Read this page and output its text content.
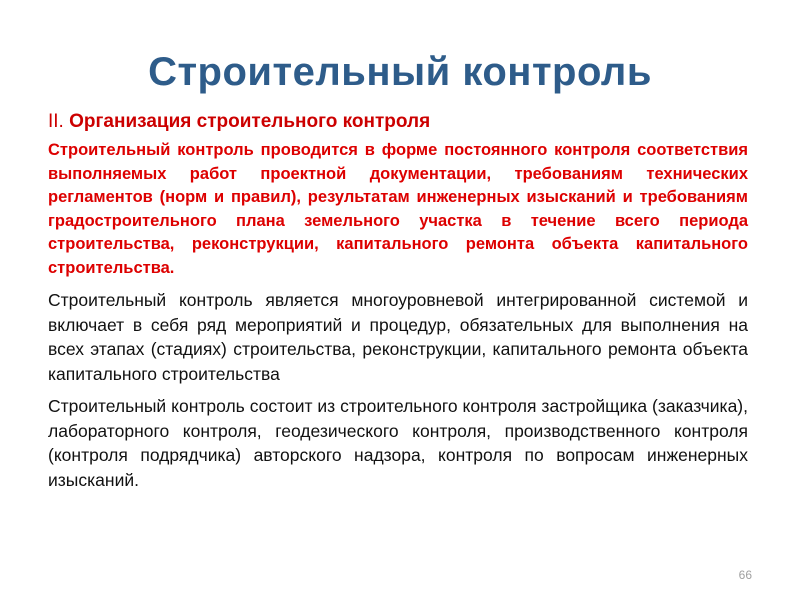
Строительный контроль
II. Организация строительного контроля
Строительный контроль проводится в форме постоянного контроля соответствия выполняемых работ проектной документации, требованиям технических регламентов (норм и правил), результатам инженерных изысканий и требованиям градостроительного плана земельного участка в течение всего периода строительства, реконструкции, капитального ремонта объекта капитального строительства.
Строительный контроль является многоуровневой интегрированной системой и включает в себя ряд мероприятий и процедур, обязательных для выполнения на всех этапах (стадиях) строительства, реконструкции, капитального ремонта объекта капитального строительства
Строительный контроль состоит из строительного контроля застройщика (заказчика), лабораторного контроля, геодезического контроля, производственного контроля (контроля подрядчика) авторского надзора, контроля по вопросам инженерных изысканий.
66
